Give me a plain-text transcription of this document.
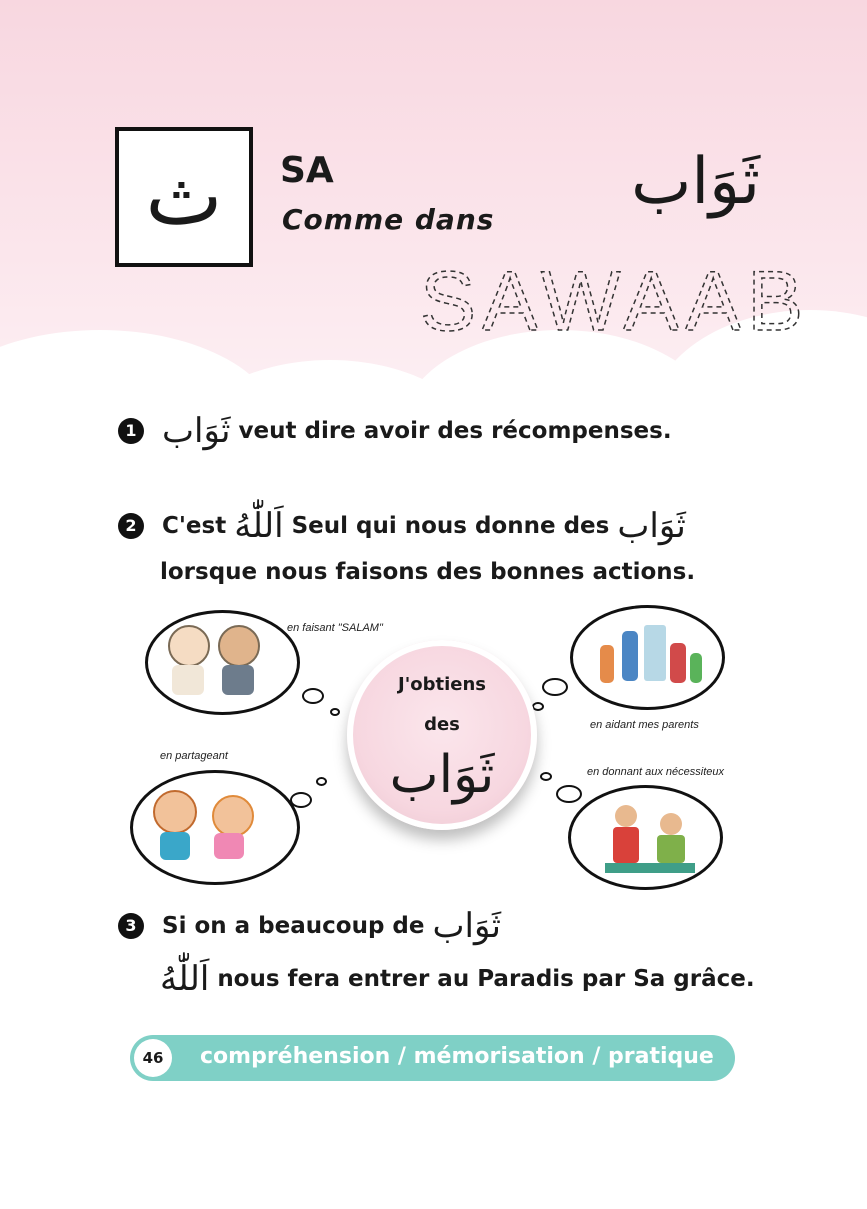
ث SA
Comme dans
ثَوَاب
SAWAAB
1 ثَوَاب veut dire avoir des récompenses.
2 C'est اَللّٰهُ Seul qui nous donne des ثَوَاب
lorsque nous faisons des bonnes actions.
en faisant "SALAM"
en aidant mes parents
en partageant
en donnant aux nécessiteux
J'obtiens
des
ثَوَاب
3 Si on a beaucoup de ثَوَاب
اَللّٰهُ nous fera entrer au Paradis par Sa grâce.
46	compréhension / mémorisation / pratique
